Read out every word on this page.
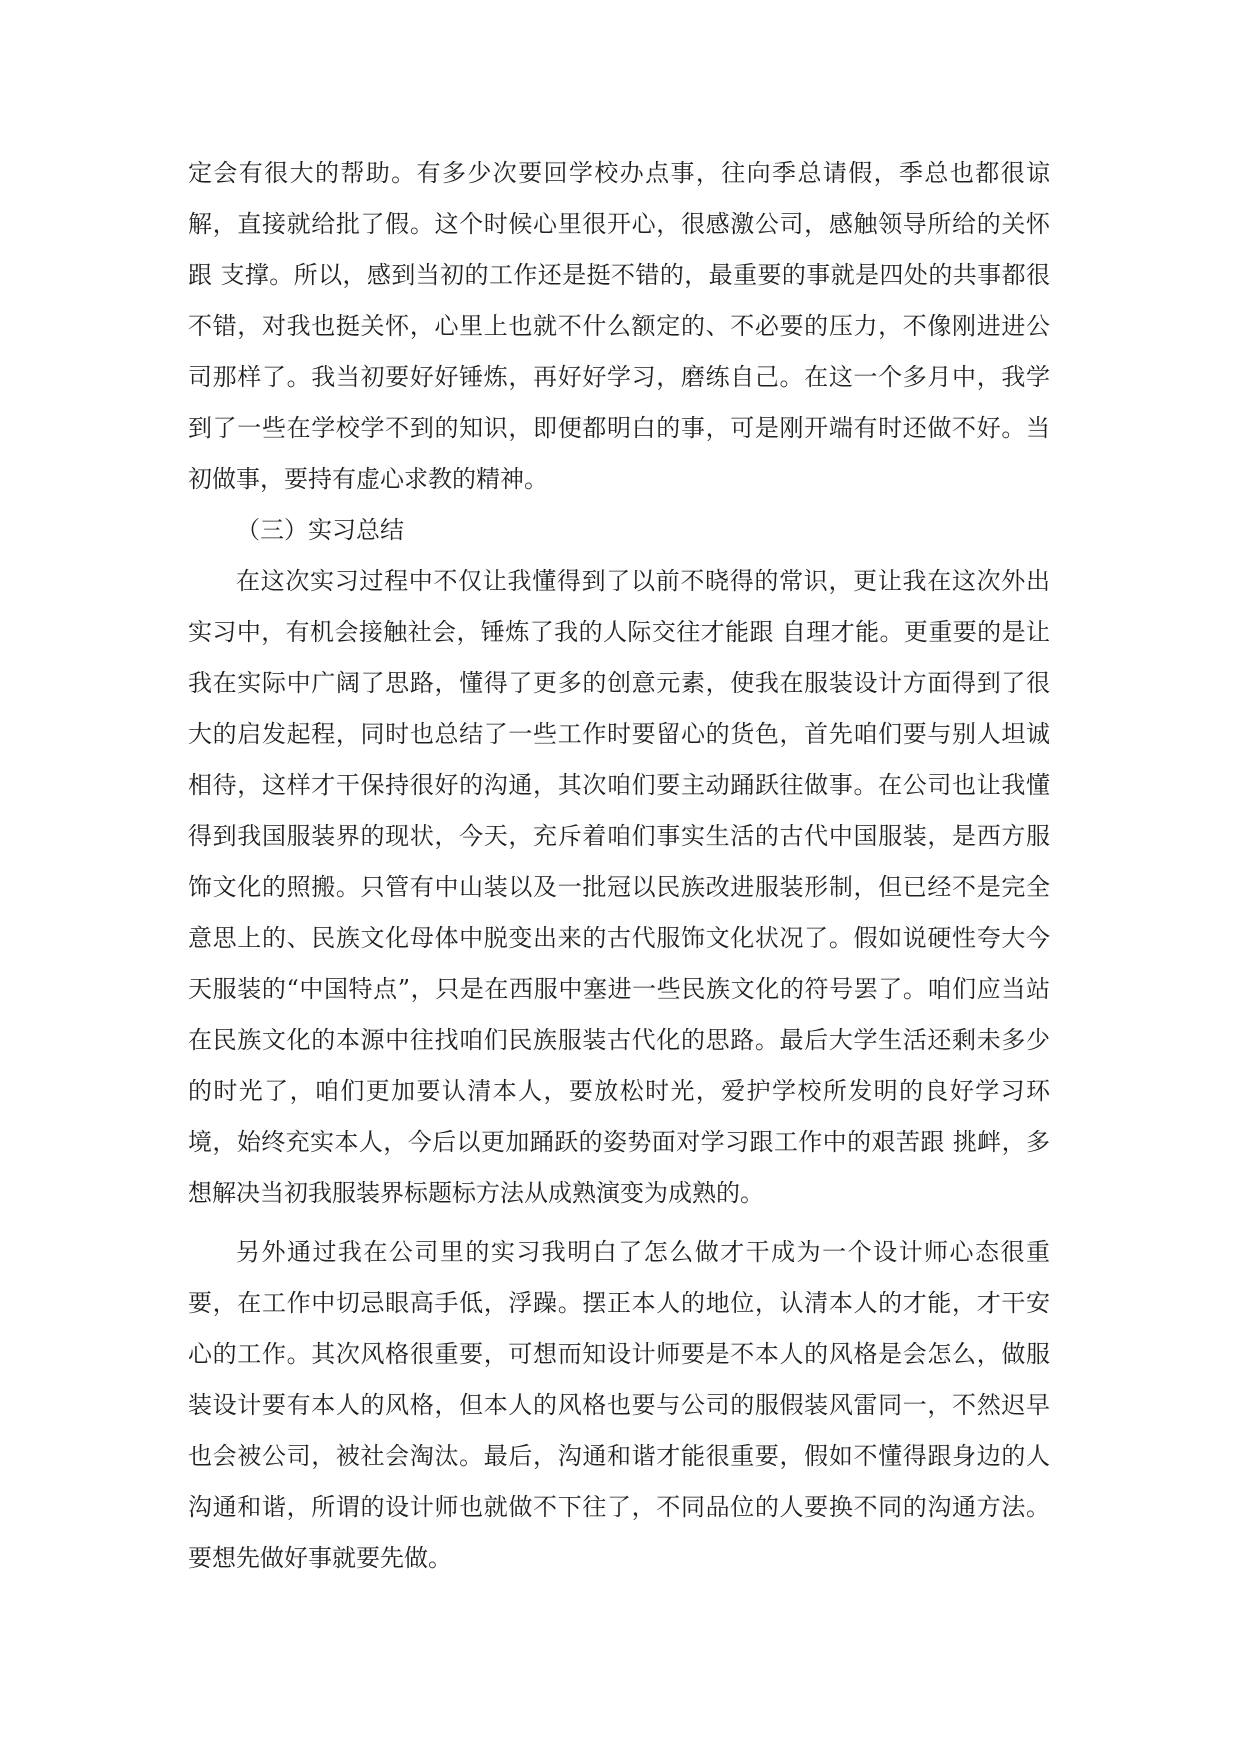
定会有很大的帮助。有多少次要回学校办点事，往向季总请假，季总也都很谅解，直接就给批了假。这个时候心里很开心，很感激公司，感触领导所给的关怀跟 支撑。所以，感到当初的工作还是挺不错的，最重要的事就是四处的共事都很不错，对我也挺关怀，心里上也就不什么额定的、不必要的压力，不像刚进进公司那样了。我当初要好好锤炼，再好好学习，磨练自己。在这一个多月中，我学到了一些在学校学不到的知识，即便都明白的事，可是刚开端有时还做不好。当初做事，要持有虚心求教的精神。

（三）实习总结

在这次实习过程中不仅让我懂得到了以前不晓得的常识，更让我在这次外出实习中，有机会接触社会，锤炼了我的人际交往才能跟 自理才能。更重要的是让我在实际中广阔了思路，懂得了更多的创意元素，使我在服装设计方面得到了很大的启发起程，同时也总结了一些工作时要留心的货色，首先咱们要与别人坦诚相待，这样才干保持很好的沟通，其次咱们要主动踊跃往做事。在公司也让我懂得到我国服装界的现状，今天，充斥着咱们事实生活的古代中国服装，是西方服饰文化的照搬。只管有中山装以及一批冠以民族改进服装形制，但已经不是完全意思上的、民族文化母体中脱变出来的古代服饰文化状况了。假如说硬性夸大今天服装的“中国特点”，只是在西服中塞进一些民族文化的符号罢了。咱们应当站在民族文化的本源中往找咱们民族服装古代化的思路。最后大学生活还剩未多少的时光了，咱们更加要认清本人，要放松时光，爱护学校所发明的良好学习环境，始终充实本人，今后以更加踊跃的姿势面对学习跟工作中的艰苦跟 挑衅，多想解决当初我服装界标题标方法从成熟演变为成熟的。

另外通过我在公司里的实习我明白了怎么做才干成为一个设计师心态很重要，在工作中切忌眼高手低，浮躁。摆正本人的地位，认清本人的才能，才干安心的工作。其次风格很重要，可想而知设计师要是不本人的风格是会怎么，做服装设计要有本人的风格，但本人的风格也要与公司的服假装风雷同一，不然迟早也会被公司，被社会淘汰。最后，沟通和谐才能很重要，假如不懂得跟身边的人沟通和谐，所谓的设计师也就做不下往了，不同品位的人要换不同的沟通方法。要想先做好事就要先做。
